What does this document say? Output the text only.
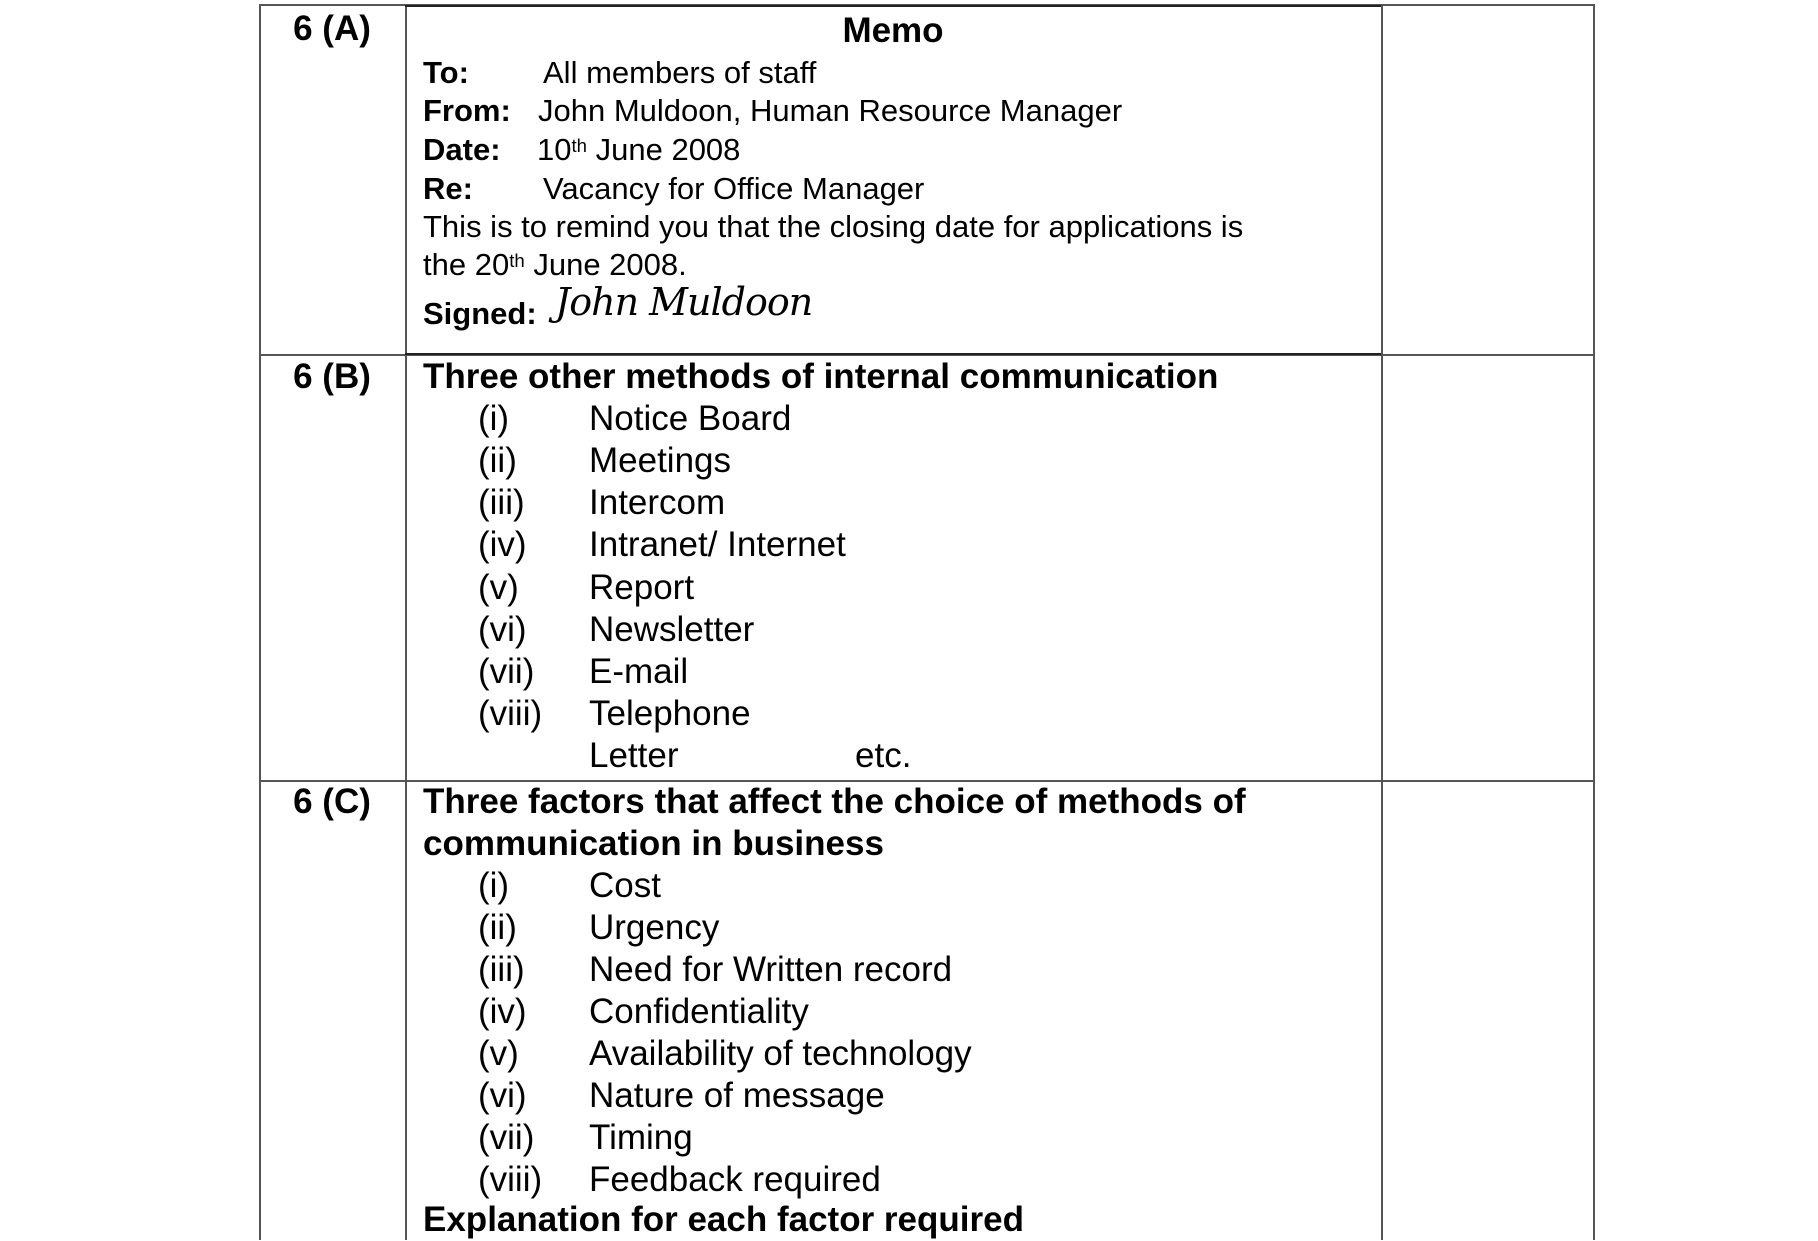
6 (A)	Memo
To: All members of staff
From: John Muldoon, Human Resource Manager
Date: 10th June 2008
Re: Vacancy for Office Manager
This is to remind you that the closing date for applications is
the 20th June 2008.
Signed: John Muldoon
6 (B)	Three other methods of internal communication
(i) Notice Board
(ii) Meetings
(iii) Intercom
(iv) Intranet/ Internet
(v) Report
(vi) Newsletter
(vii) E-mail
(viii) Telephone
Letter	etc.
6 (C)	Three factors that affect the choice of methods of
communication in business
(i) Cost
(ii) Urgency
(iii) Need for Written record
(iv) Confidentiality
(v) Availability of technology
(vi) Nature of message
(vii) Timing
(viii) Feedback required
Explanation for each factor required
